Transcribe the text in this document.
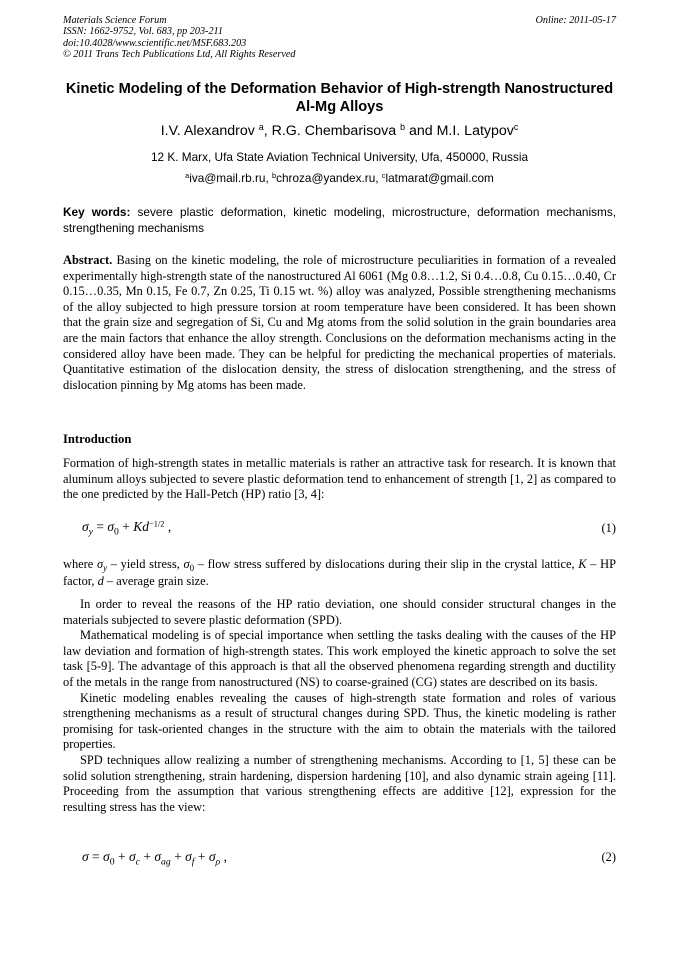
Materials Science Forum
ISSN: 1662-9752, Vol. 683, pp 203-211
doi:10.4028/www.scientific.net/MSF.683.203
© 2011 Trans Tech Publications Ltd, All Rights Reserved
Online: 2011-05-17
Kinetic Modeling of the Deformation Behavior of High-strength Nanostructured Al-Mg Alloys
I.V. Alexandrov $^a$, R.G. Chembarisova $^b$ and M.I. Latypov$^c$
12 K. Marx, Ufa State Aviation Technical University, Ufa, 450000, Russia
$^a$iva@mail.rb.ru, $^b$chroza@yandex.ru, $^c$latmarat@gmail.com
Key words: severe plastic deformation, kinetic modeling, microstructure, deformation mechanisms, strengthening mechanisms
Abstract. Basing on the kinetic modeling, the role of microstructure peculiarities in formation of a revealed experimentally high-strength state of the nanostructured Al 6061 (Mg 0.8…1.2, Si 0.4…0.8, Cu 0.15…0.40, Cr 0.15…0.35, Mn 0.15, Fe 0.7, Zn 0.25, Ti 0.15 wt. %) alloy was analyzed, Possible strengthening mechanisms of the alloy subjected to high pressure torsion at room temperature have been considered. It has been shown that the grain size and segregation of Si, Cu and Mg atoms from the solid solution in the grain boundaries area are the main factors that enhance the alloy strength. Conclusions on the deformation mechanisms acting in the considered alloy have been made. They can be helpful for predicting the mechanical properties of materials. Quantitative estimation of the dislocation density, the stress of dislocation strengthening, and the stress of dislocation pinning by Mg atoms has been made.
Introduction
Formation of high-strength states in metallic materials is rather an attractive task for research. It is known that aluminum alloys subjected to severe plastic deformation tend to enhancement of strength [1, 2] as compared to the one predicted by the Hall-Petch (HP) ratio [3, 4]:
$\sigma_y = \sigma_0 + Kd^{-1/2}$ ,	(1)
where $\sigma_y$ – yield stress, $\sigma_0$ – flow stress suffered by dislocations during their slip in the crystal lattice, K – HP factor, d – average grain size.

In order to reveal the reasons of the HP ratio deviation, one should consider structural changes in the materials subjected to severe plastic deformation (SPD).

Mathematical modeling is of special importance when settling the tasks dealing with the causes of the HP law deviation and formation of high-strength states. This work employed the kinetic approach to solve the set task [5-9]. The advantage of this approach is that all the observed phenomena regarding strength and ductility of the metals in the range from nanostructured (NS) to coarse-grained (CG) states are described on its basis.

Kinetic modeling enables revealing the causes of high-strength state formation and roles of various strengthening mechanisms as a result of structural changes during SPD. Thus, the kinetic modeling is rather promising for task-oriented changes in the structure with the aim to obtain the materials with the tailored properties.

SPD techniques allow realizing a number of strengthening mechanisms. According to [1, 5] these can be solid solution strengthening, strain hardening, dispersion hardening [10], and also dynamic strain ageing [11]. Proceeding from the assumption that various strengthening effects are additive [12], expression for the resulting stress has the view:

$\sigma = \sigma_0 + \sigma_c + \sigma_{ag} + \sigma_f + \sigma_\rho$ ,	(2)
